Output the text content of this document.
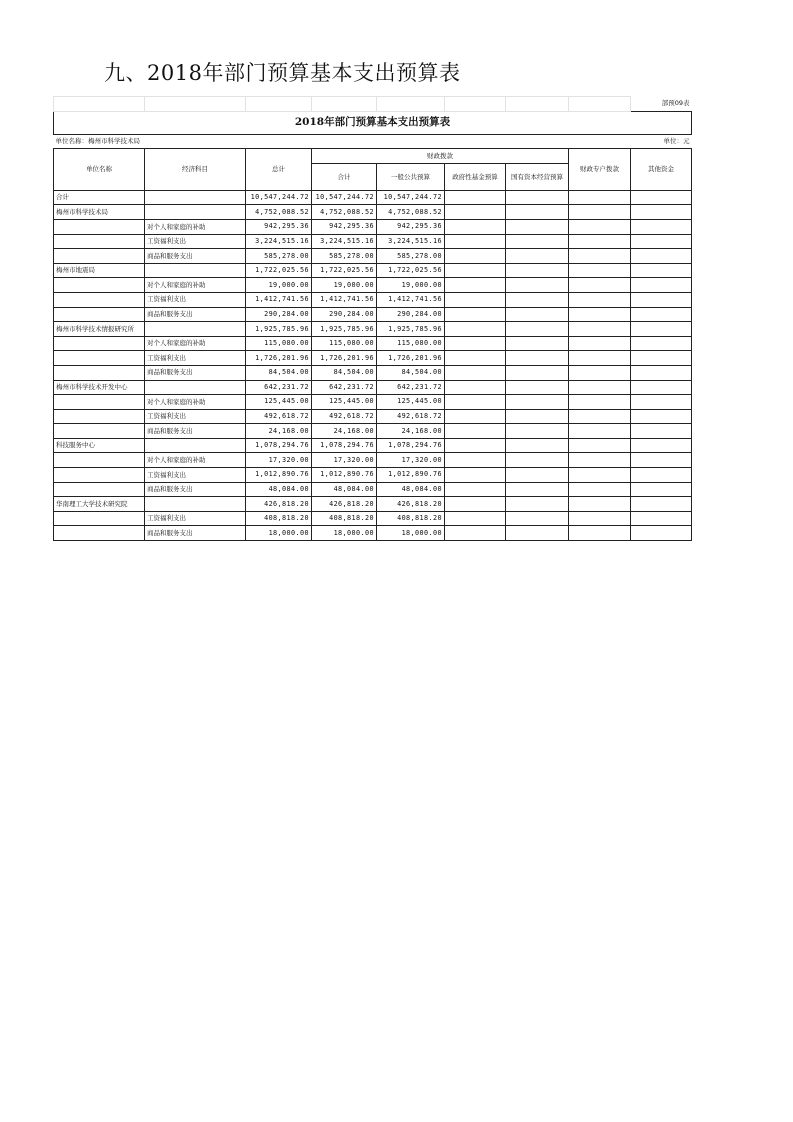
九、2018年部门预算基本支出预算表
								部预09表
2018年部门预算基本支出预算表								
单位名称：梅州市科学技术局								单位：元
单位名称	经济科目	总计	财政拨款				财政专户拨款	其他资金
			合计	一般公共预算	政府性基金预算	国有资本经营预算		
合计		10,547,244.72	10,547,244.72	10,547,244.72				
梅州市科学技术局		4,752,088.52	4,752,088.52	4,752,088.52				
	对个人和家庭的补助	942,295.36	942,295.36	942,295.36				
	工资福利支出	3,224,515.16	3,224,515.16	3,224,515.16				
	商品和服务支出	585,278.00	585,278.00	585,278.00				
梅州市地震局		1,722,025.56	1,722,025.56	1,722,025.56				
	对个人和家庭的补助	19,000.00	19,000.00	19,000.00				
	工资福利支出	1,412,741.56	1,412,741.56	1,412,741.56				
	商品和服务支出	290,284.00	290,284.00	290,284.00				
梅州市科学技术情报研究所		1,925,785.96	1,925,785.96	1,925,785.96				
	对个人和家庭的补助	115,080.00	115,080.00	115,080.00				
	工资福利支出	1,726,201.96	1,726,201.96	1,726,201.96				
	商品和服务支出	84,504.00	84,504.00	84,504.00				
梅州市科学技术开发中心		642,231.72	642,231.72	642,231.72				
	对个人和家庭的补助	125,445.00	125,445.00	125,445.00				
	工资福利支出	492,618.72	492,618.72	492,618.72				
	商品和服务支出	24,168.00	24,168.00	24,168.00				
科技服务中心		1,078,294.76	1,078,294.76	1,078,294.76				
	对个人和家庭的补助	17,320.00	17,320.00	17,320.00				
	工资福利支出	1,012,890.76	1,012,890.76	1,012,890.76				
	商品和服务支出	48,084.00	48,084.00	48,084.00				
华南理工大学技术研究院		426,818.20	426,818.20	426,818.20				
	工资福利支出	408,818.20	408,818.20	408,818.20				
	商品和服务支出	18,000.00	18,000.00	18,000.00				
